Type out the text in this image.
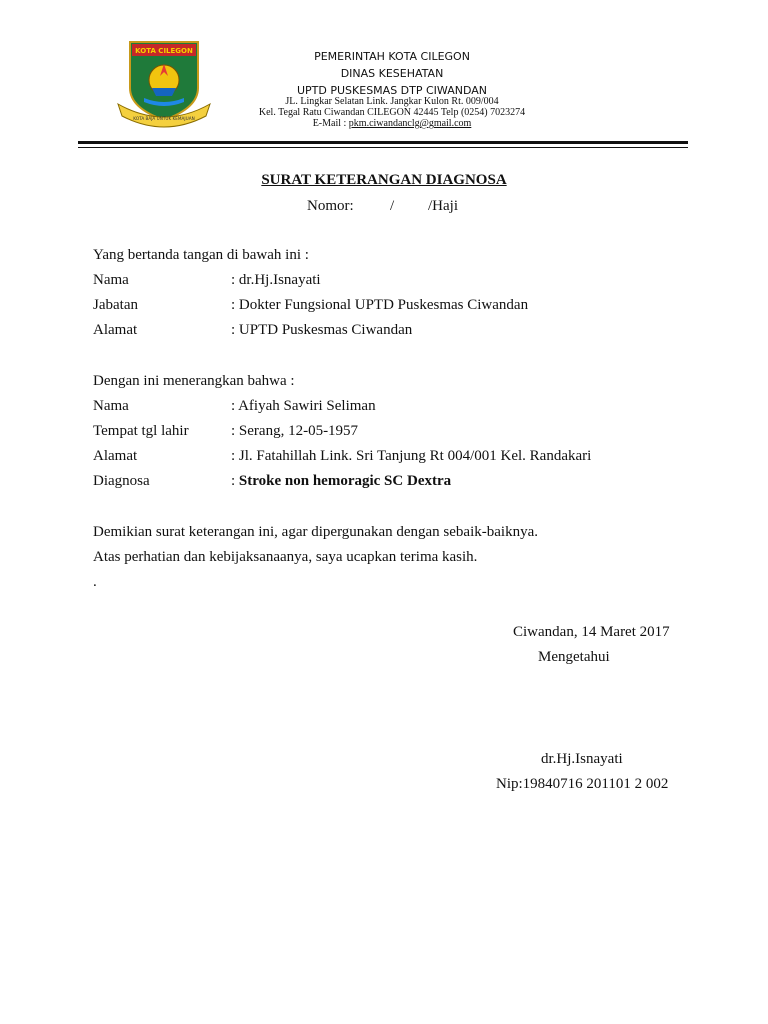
KOTA CILEGON
KOTA BAJA UNTUK KEMAJUAN
PEMERINTAH KOTA CILEGON
DINAS KESEHATAN
UPTD PUSKESMAS DTP CIWANDAN
JL. Lingkar Selatan Link. Jangkar Kulon Rt. 009/004
Kel. Tegal Ratu Ciwandan CILEGON 42445 Telp (0254) 7023274
E-Mail : pkm.ciwandanclg@gmail.com
SURAT KETERANGAN DIAGNOSA
Nomor: / /Haji
Yang bertanda tangan di bawah ini :
Nama	: dr.Hj.Isnayati
Jabatan	: Dokter Fungsional UPTD Puskesmas Ciwandan
Alamat	: UPTD Puskesmas Ciwandan
Dengan ini menerangkan bahwa :
Nama	: Afiyah Sawiri Seliman
Tempat tgl lahir	: Serang, 12-05-1957
Alamat	: Jl. Fatahillah Link. Sri Tanjung Rt 004/001 Kel. Randakari
Diagnosa	: Stroke non hemoragic SC Dextra
Demikian surat keterangan ini, agar dipergunakan dengan sebaik-baiknya.
Atas perhatian dan kebijaksanaanya, saya ucapkan terima kasih.
.
Ciwandan, 14 Maret 2017
Mengetahui
dr.Hj.Isnayati
Nip:19840716 201101 2 002
